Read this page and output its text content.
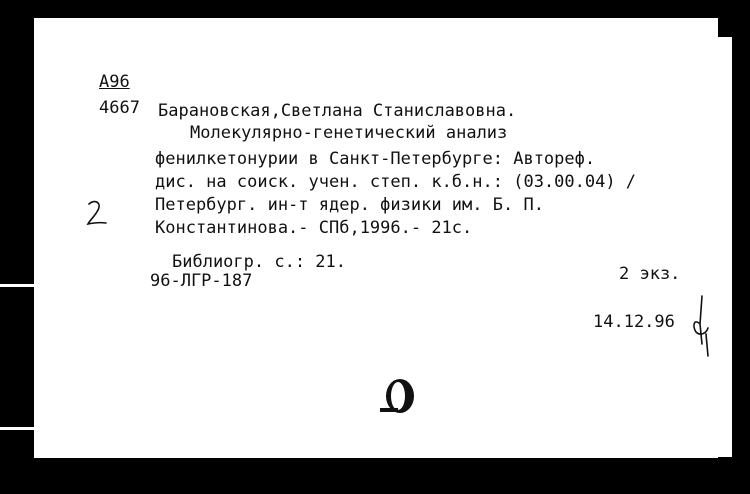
А96
4667 Барановская,Светлана Станиславовна.
Молекулярно-генетический анализ
фенилкетонурии в Санкт-Петербурге: Автореф.
дис. на соиск. учен. степ. к.б.н.: (03.00.04) /
Петербург. ин-т ядер. физики им. Б. П.
Константинова.- СПб,1996.- 21с.
Библиогр. с.: 21.
96-ЛГР-187	2 экз.
14.12.96
